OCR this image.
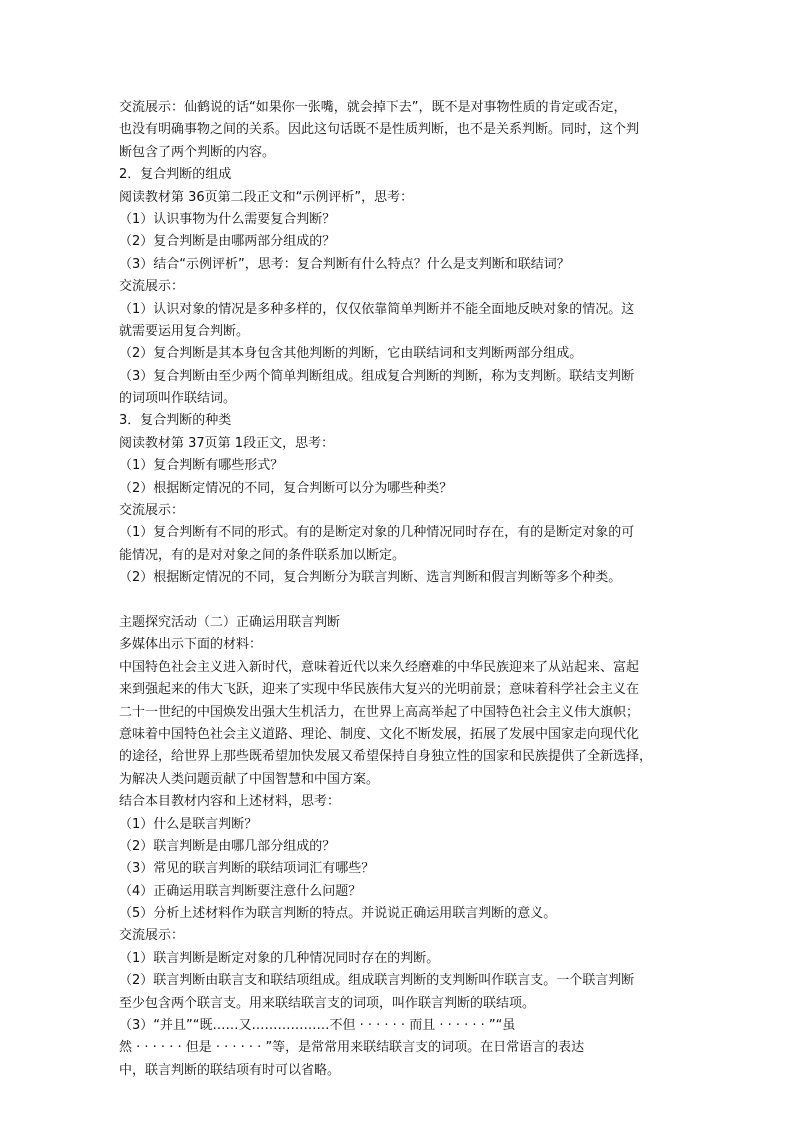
交流展示：仙鹤说的话“如果你一张嘴，就会掉下去”，既不是对事物性质的肯定或否定，
也没有明确事物之间的关系。因此这句话既不是性质判断，也不是关系判断。同时，这个判
断包含了两个判断的内容。
2．复合判断的组成
阅读教材第 36页第二段正文和“示例评析”，思考：
（1）认识事物为什么需要复合判断？
（2）复合判断是由哪两部分组成的？
（3）结合“示例评析”，思考：复合判断有什么特点？什么是支判断和联结词？
交流展示：
（1）认识对象的情况是多种多样的，仅仅依靠简单判断并不能全面地反映对象的情况。这
就需要运用复合判断。
（2）复合判断是其本身包含其他判断的判断，它由联结词和支判断两部分组成。
（3）复合判断由至少两个简单判断组成。组成复合判断的判断，称为支判断。联结支判断
的词项叫作联结词。
3．复合判断的种类
阅读教材第 37页第 1段正文，思考：
（1）复合判断有哪些形式？
（2）根据断定情况的不同，复合判断可以分为哪些种类？
交流展示：
（1）复合判断有不同的形式。有的是断定对象的几种情况同时存在，有的是断定对象的可
能情况，有的是对对象之间的条件联系加以断定。
（2）根据断定情况的不同，复合判断分为联言判断、选言判断和假言判断等多个种类。
主题探究活动（二）正确运用联言判断
多媒体出示下面的材料：
中国特色社会主义进入新时代，意味着近代以来久经磨难的中华民族迎来了从站起来、富起
来到强起来的伟大飞跃，迎来了实现中华民族伟大复兴的光明前景；意味着科学社会主义在
二十一世纪的中国焕发出强大生机活力，在世界上高高举起了中国特色社会主义伟大旗帜；
意味着中国特色社会主义道路、理论、制度、文化不断发展，拓展了发展中国家走向现代化
的途径，给世界上那些既希望加快发展又希望保持自身独立性的国家和民族提供了全新选择，
为解决人类问题贡献了中国智慧和中国方案。
结合本目教材内容和上述材料，思考：
（1）什么是联言判断？
（2）联言判断是由哪几部分组成的？
（3）常见的联言判断的联结项词汇有哪些？
（4）正确运用联言判断要注意什么问题？
（5）分析上述材料作为联言判断的特点。并说说正确运用联言判断的意义。
交流展示：
（1）联言判断是断定对象的几种情况同时存在的判断。
（2）联言判断由联言支和联结项组成。组成联言判断的支判断叫作联言支。一个联言判断
至少包含两个联言支。用来联结联言支的词项，叫作联言判断的联结项。
（3）“并且”“既……又………………不但 · · · · · · 而且 · · · · · · ”“虽
然 · · · · · · 但是 · · · · · · ”等，是常常用来联结联言支的词项。在日常语言的表达
中，联言判断的联结项有时可以省略。
